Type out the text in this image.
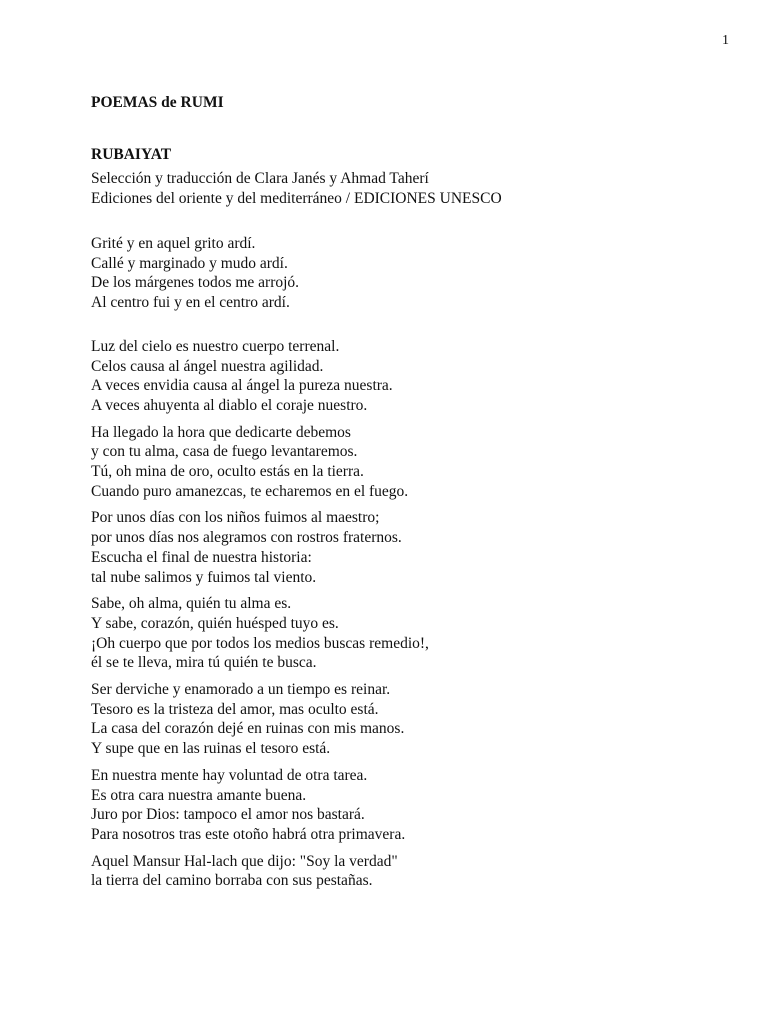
1
POEMAS de RUMI
RUBAIYAT
Selección y traducción de Clara Janés y Ahmad Taherí
Ediciones del oriente y del mediterráneo / EDICIONES UNESCO
Grité y en aquel grito ardí.
Callé y marginado y mudo ardí.
De los márgenes todos me arrojó.
Al centro fui y en el centro ardí.
Luz del cielo es nuestro cuerpo terrenal.
Celos causa al ángel nuestra agilidad.
A veces envidia causa al ángel la pureza nuestra.
A veces ahuyenta al diablo el coraje nuestro.
Ha llegado la hora que dedicarte debemos
y con tu alma, casa de fuego levantaremos.
Tú, oh mina de oro, oculto estás en la tierra.
Cuando puro amanezcas, te echaremos en el fuego.
Por unos días con los niños fuimos al maestro;
por unos días nos alegramos con rostros fraternos.
Escucha el final de nuestra historia:
tal nube salimos y fuimos tal viento.
Sabe, oh alma, quién tu alma es.
Y sabe, corazón, quién huésped tuyo es.
¡Oh cuerpo que por todos los medios buscas remedio!,
él se te lleva, mira tú quién te busca.
Ser derviche y enamorado a un tiempo es reinar.
Tesoro es la tristeza del amor, mas oculto está.
La casa del corazón dejé en ruinas con mis manos.
Y supe que en las ruinas el tesoro está.
En nuestra mente hay voluntad de otra tarea.
Es otra cara nuestra amante buena.
Juro por Dios: tampoco el amor nos bastará.
Para nosotros tras este otoño habrá otra primavera.
Aquel Mansur Hal-lach que dijo: "Soy la verdad"
la tierra del camino borraba con sus pestañas.
